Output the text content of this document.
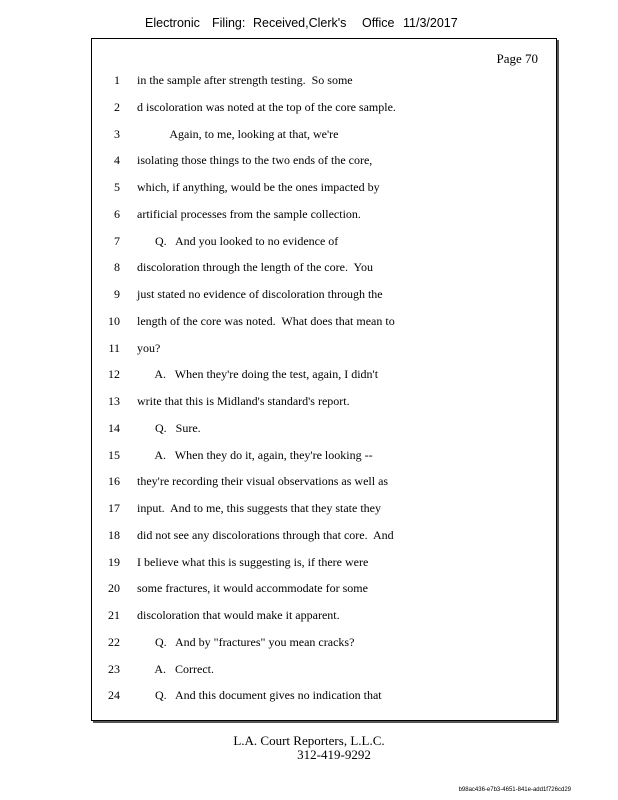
Electronic Filing: Received,Clerk's Office 11/3/2017
Page 70
1 in the sample after strength testing.  So some
2 d iscoloration was noted at the top of the core sample.
3 Again, to me, looking at that, we're
4 isolating those things to the two ends of the core,
5 which, if anything, would be the ones impacted by
6 artificial processes from the sample collection.
7 Q.   And you looked to no evidence of
8 discoloration through the length of the core.  You
9 just stated no evidence of discoloration through the
10 length of the core was noted.  What does that mean to
11 you?
12 A.   When they're doing the test, again, I didn't
13 write that this is Midland's standard's report.
14 Q.   Sure.
15 A.   When they do it, again, they're looking --
16 they're recording their visual observations as well as
17 input.  And to me, this suggests that they state they
18 did not see any discolorations through that core.  And
19 I believe what this is suggesting is, if there were
20 some fractures, it would accommodate for some
21 discoloration that would make it apparent.
22 Q.   And by "fractures" you mean cracks?
23 A.   Correct.
24 Q.   And this document gives no indication that
L.A. Court Reporters, L.L.C.
312-419-9292
b98ac436-e7b3-4651-841e-add1f726cd29
